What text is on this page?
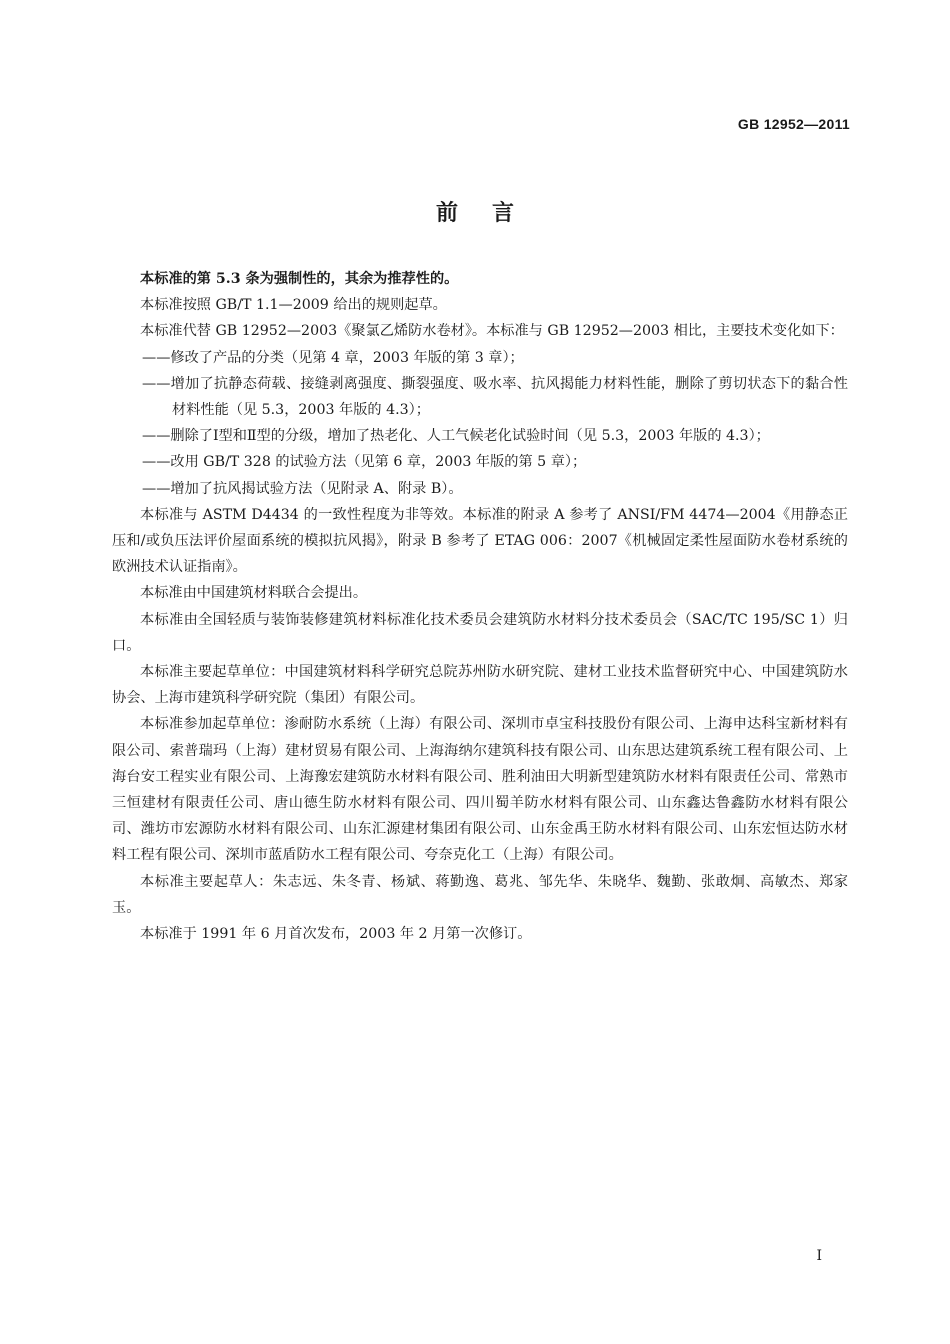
GB 12952—2011
前言

本标准的第 5.3 条为强制性的，其余为推荐性的。

本标准按照 GB/T 1.1—2009 给出的规则起草。

本标准代替 GB 12952—2003《聚氯乙烯防水卷材》。本标准与 GB 12952—2003 相比，主要技术变化如下：

——修改了产品的分类（见第 4 章，2003 年版的第 3 章）；

——增加了抗静态荷载、接缝剥离强度、撕裂强度、吸水率、抗风揭能力材料性能，删除了剪切状态下的黏合性材料性能（见 5.3，2003 年版的 4.3）；

——删除了Ⅰ型和Ⅱ型的分级，增加了热老化、人工气候老化试验时间（见 5.3，2003 年版的 4.3）；

——改用 GB/T 328 的试验方法（见第 6 章，2003 年版的第 5 章）；

——增加了抗风揭试验方法（见附录 A、附录 B）。

本标准与 ASTM D4434 的一致性程度为非等效。本标准的附录 A 参考了 ANSI/FM 4474—2004《用静态正压和/或负压法评价屋面系统的模拟抗风揭》，附录 B 参考了 ETAG 006：2007《机械固定柔性屋面防水卷材系统的欧洲技术认证指南》。

本标准由中国建筑材料联合会提出。

本标准由全国轻质与装饰装修建筑材料标准化技术委员会建筑防水材料分技术委员会（SAC/TC 195/SC 1）归口。

本标准主要起草单位：中国建筑材料科学研究总院苏州防水研究院、建材工业技术监督研究中心、中国建筑防水协会、上海市建筑科学研究院（集团）有限公司。

本标准参加起草单位：渗耐防水系统（上海）有限公司、深圳市卓宝科技股份有限公司、上海申达科宝新材料有限公司、索普瑞玛（上海）建材贸易有限公司、上海海纳尔建筑科技有限公司、山东思达建筑系统工程有限公司、上海台安工程实业有限公司、上海豫宏建筑防水材料有限公司、胜利油田大明新型建筑防水材料有限责任公司、常熟市三恒建材有限责任公司、唐山德生防水材料有限公司、四川蜀羊防水材料有限公司、山东鑫达鲁鑫防水材料有限公司、潍坊市宏源防水材料有限公司、山东汇源建材集团有限公司、山东金禹王防水材料有限公司、山东宏恒达防水材料工程有限公司、深圳市蓝盾防水工程有限公司、夸奈克化工（上海）有限公司。

本标准主要起草人：朱志远、朱冬青、杨斌、蒋勤逸、葛兆、邹先华、朱晓华、魏勤、张敢炯、高敏杰、郑家玉。

本标准于 1991 年 6 月首次发布，2003 年 2 月第一次修订。

I
